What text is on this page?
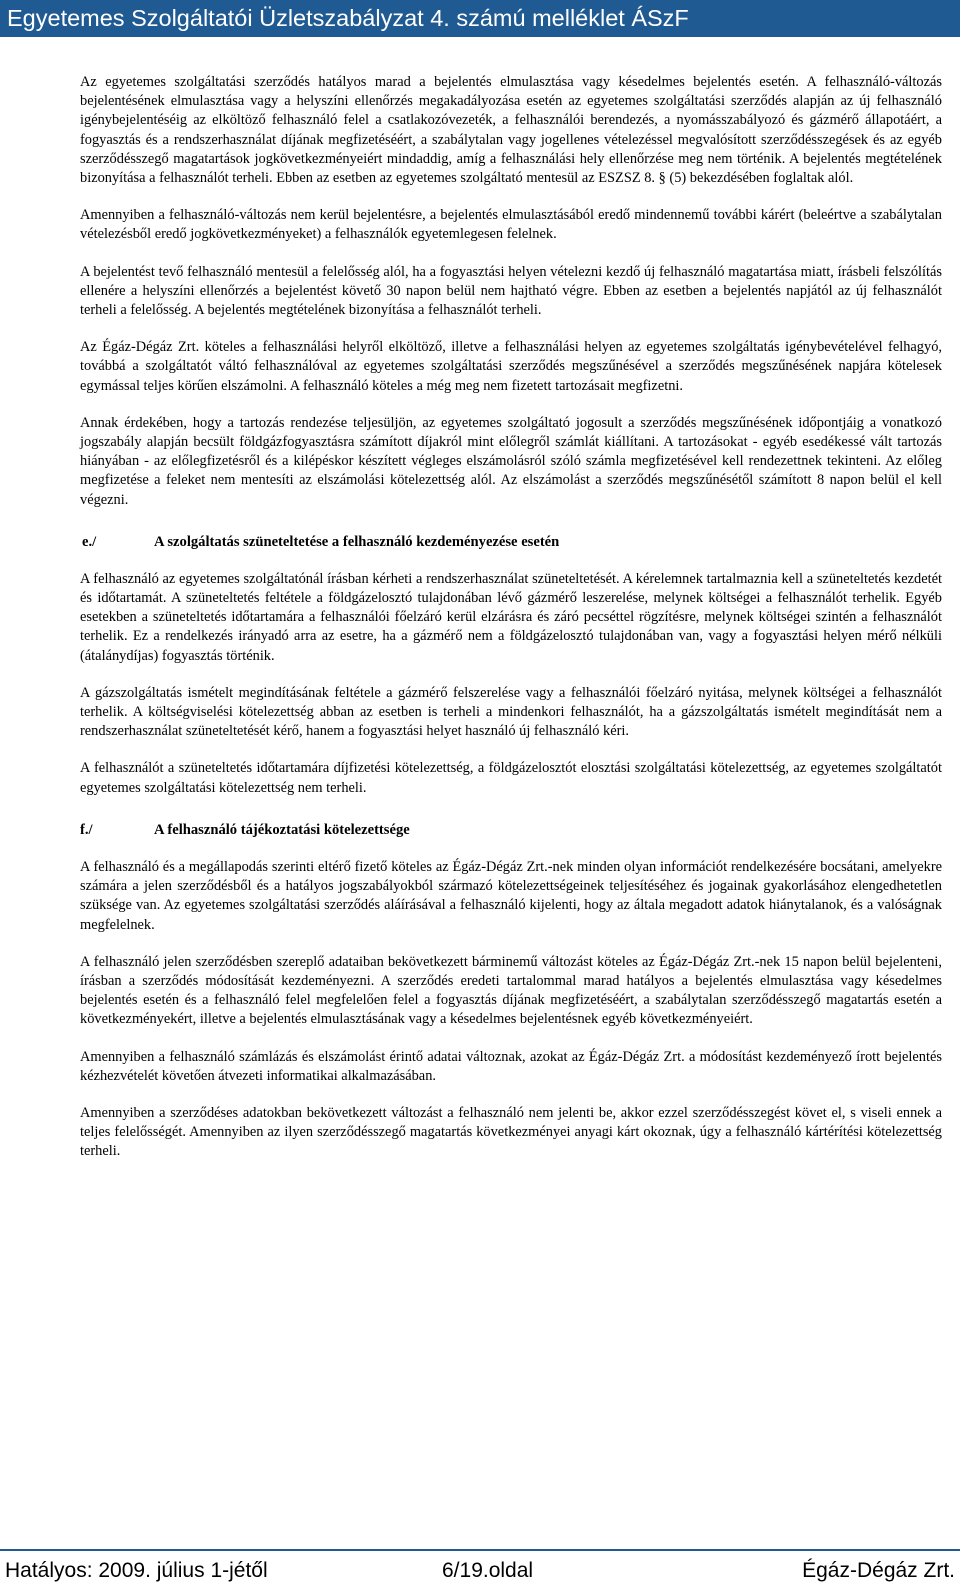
Egyetemes Szolgáltatói Üzletszabályzat 4. számú melléklet ÁSzF

Az egyetemes szolgáltatási szerződés hatályos marad a bejelentés elmulasztása vagy késedelmes bejelentés esetén. A felhasználó-változás bejelentésének elmulasztása vagy a helyszíni ellenőrzés megakadályozása esetén az egyetemes szolgáltatási szerződés alapján az új felhasználó igénybejelentéséig az elköltöző felhasználó felel a csatlakozóvezeték, a felhasználói berendezés, a nyomásszabályozó és gázmérő állapotáért, a fogyasztás és a rendszerhasználat díjának megfizetéséért, a szabálytalan vagy jogellenes vételezéssel megvalósított szerződésszegések és az egyéb szerződésszegő magatartások jogkövetkezményeiért mindaddig, amíg a felhasználási hely ellenőrzése meg nem történik. A bejelentés megtételének bizonyítása a felhasználót terheli. Ebben az esetben az egyetemes szolgáltató mentesül az ESZSZ 8. § (5) bekezdésében foglaltak alól.

Amennyiben a felhasználó-változás nem kerül bejelentésre, a bejelentés elmulasztásából eredő mindennemű további kárért (beleértve a szabálytalan vételezésből eredő jogkövetkezményeket) a felhasználók egyetemlegesen felelnek.

A bejelentést tevő felhasználó mentesül a felelősség alól, ha a fogyasztási helyen vételezni kezdő új felhasználó magatartása miatt, írásbeli felszólítás ellenére a helyszíni ellenőrzés a bejelentést követő 30 napon belül nem hajtható végre. Ebben az esetben a bejelentés napjától az új felhasználót terheli a felelősség. A bejelentés megtételének bizonyítása a felhasználót terheli.

Az Égáz-Dégáz Zrt. köteles a felhasználási helyről elköltöző, illetve a felhasználási helyen az egyetemes szolgáltatás igénybevételével felhagyó, továbbá a szolgáltatót váltó felhasználóval az egyetemes szolgáltatási szerződés megszűnésével a szerződés megszűnésének napjára kötelesek egymással teljes körűen elszámolni. A felhasználó köteles a még meg nem fizetett tartozásait megfizetni.

Annak érdekében, hogy a tartozás rendezése teljesüljön, az egyetemes szolgáltató jogosult a szerződés megszűnésének időpontjáig a vonatkozó jogszabály alapján becsült földgázfogyasztásra számított díjakról mint előlegről számlát kiállítani. A tartozásokat - egyéb esedékessé vált tartozás hiányában - az előlegfizetésről és a kilépéskor készített végleges elszámolásról szóló számla megfizetésével kell rendezettnek tekinteni. Az előleg megfizetése a feleket nem mentesíti az elszámolási kötelezettség alól. Az elszámolást a szerződés megszűnésétől számított 8 napon belül el kell végezni.

e./	A szolgáltatás szüneteltetése a felhasználó kezdeményezése esetén

A felhasználó az egyetemes szolgáltatónál írásban kérheti a rendszerhasználat szüneteltetését. A kérelemnek tartalmaznia kell a szüneteltetés kezdetét és időtartamát. A szüneteltetés feltétele a földgázelosztó tulajdonában lévő gázmérő leszerelése, melynek költségei a felhasználót terhelik. Egyéb esetekben a szüneteltetés időtartamára a felhasználói főelzáró kerül elzárásra és záró pecséttel rögzítésre, melynek költségei szintén a felhasználót terhelik. Ez a rendelkezés irányadó arra az esetre, ha a gázmérő nem a földgázelosztó tulajdonában van, vagy a fogyasztási helyen mérő nélküli (átalánydíjas) fogyasztás történik.

A gázszolgáltatás ismételt megindításának feltétele a gázmérő felszerelése vagy a felhasználói főelzáró nyitása, melynek költségei a felhasználót terhelik. A költségviselési kötelezettség abban az esetben is terheli a mindenkori felhasználót, ha a gázszolgáltatás ismételt megindítását nem a rendszerhasználat szüneteltetését kérő, hanem a fogyasztási helyet használó új felhasználó kéri.

A felhasználót a szüneteltetés időtartamára díjfizetési kötelezettség, a földgázelosztót elosztási szolgáltatási kötelezettség, az egyetemes szolgáltatót egyetemes szolgáltatási kötelezettség nem terheli.

f./	A felhasználó tájékoztatási kötelezettsége

A felhasználó és a megállapodás szerinti eltérő fizető köteles az Égáz-Dégáz Zrt.-nek minden olyan információt rendelkezésére bocsátani, amelyekre számára a jelen szerződésből és a hatályos jogszabályokból származó kötelezettségeinek teljesítéséhez és jogainak gyakorlásához elengedhetetlen szüksége van. Az egyetemes szolgáltatási szerződés aláírásával a felhasználó kijelenti, hogy az általa megadott adatok hiánytalanok, és a valóságnak megfelelnek.

A felhasználó jelen szerződésben szereplő adataiban bekövetkezett bárminemű változást köteles az Égáz-Dégáz Zrt.-nek 15 napon belül bejelenteni, írásban a szerződés módosítását kezdeményezni. A szerződés eredeti tartalommal marad hatályos a bejelentés elmulasztása vagy késedelmes bejelentés esetén és a felhasználó felel megfelelően felel a fogyasztás díjának megfizetéséért, a szabálytalan szerződésszegő magatartás esetén a következményekért, illetve a bejelentés elmulasztásának vagy a késedelmes bejelentésnek egyéb következményeiért.

Amennyiben a felhasználó számlázás és elszámolást érintő adatai változnak, azokat az Égáz-Dégáz Zrt. a módosítást kezdeményező írott bejelentés kézhezvételét követően átvezeti informatikai alkalmazásában.

Amennyiben a szerződéses adatokban bekövetkezett változást a felhasználó nem jelenti be, akkor ezzel szerződésszegést követ el, s viseli ennek a teljes felelősségét. Amennyiben az ilyen szerződésszegő magatartás következményei anyagi kárt okoznak, úgy a felhasználó kártérítési kötelezettség terheli.

Hatályos: 2009. július 1-jétől	6/19.oldal	Égáz-Dégáz Zrt.
